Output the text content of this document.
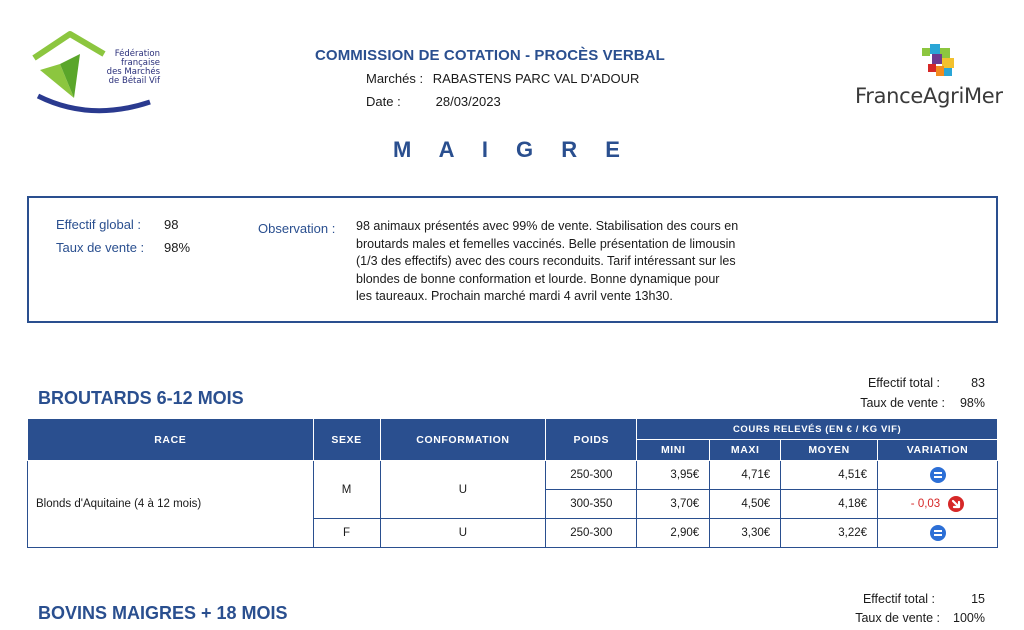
Fédération
française
des Marchés
de Bétail Vif
COMMISSION DE COTATION - PROCÈS VERBAL
Marchés : RABASTENS PARC VAL D'ADOUR
Date :	28/03/2023	FranceAgriMer
M A I G R E
Effectif global : 98
Taux de vente : 98%
Observation : 98 animaux présentés avec 99% de vente. Stabilisation des cours en
broutards males et femelles vaccinés. Belle présentation de limousin
(1/3 des effectifs) avec des cours reconduits. Tarif intéressant sur les
blondes de bonne conformation et lourde. Bonne dynamique pour
les taureaux. Prochain marché mardi 4 avril vente 13h30.
BROUTARDS 6-12 MOIS
Effectif total :	83
Taux de vente :	98%
RACE	SEXE	CONFORMATION	POIDS	COURS RELEVÉS (EN € / KG VIF)			
				MINI	MAXI	MOYEN	VARIATION
Blonds d'Aquitaine (4 à 12 mois)	M	U	250-300	3,95€	4,71€	4,51€	
			300-350	3,70€	4,50€	4,18€	- 0,03
	F	U	250-300	2,90€	3,30€	3,22€	
BOVINS MAIGRES + 18 MOIS
Effectif total :	15
Taux de vente :	100%
